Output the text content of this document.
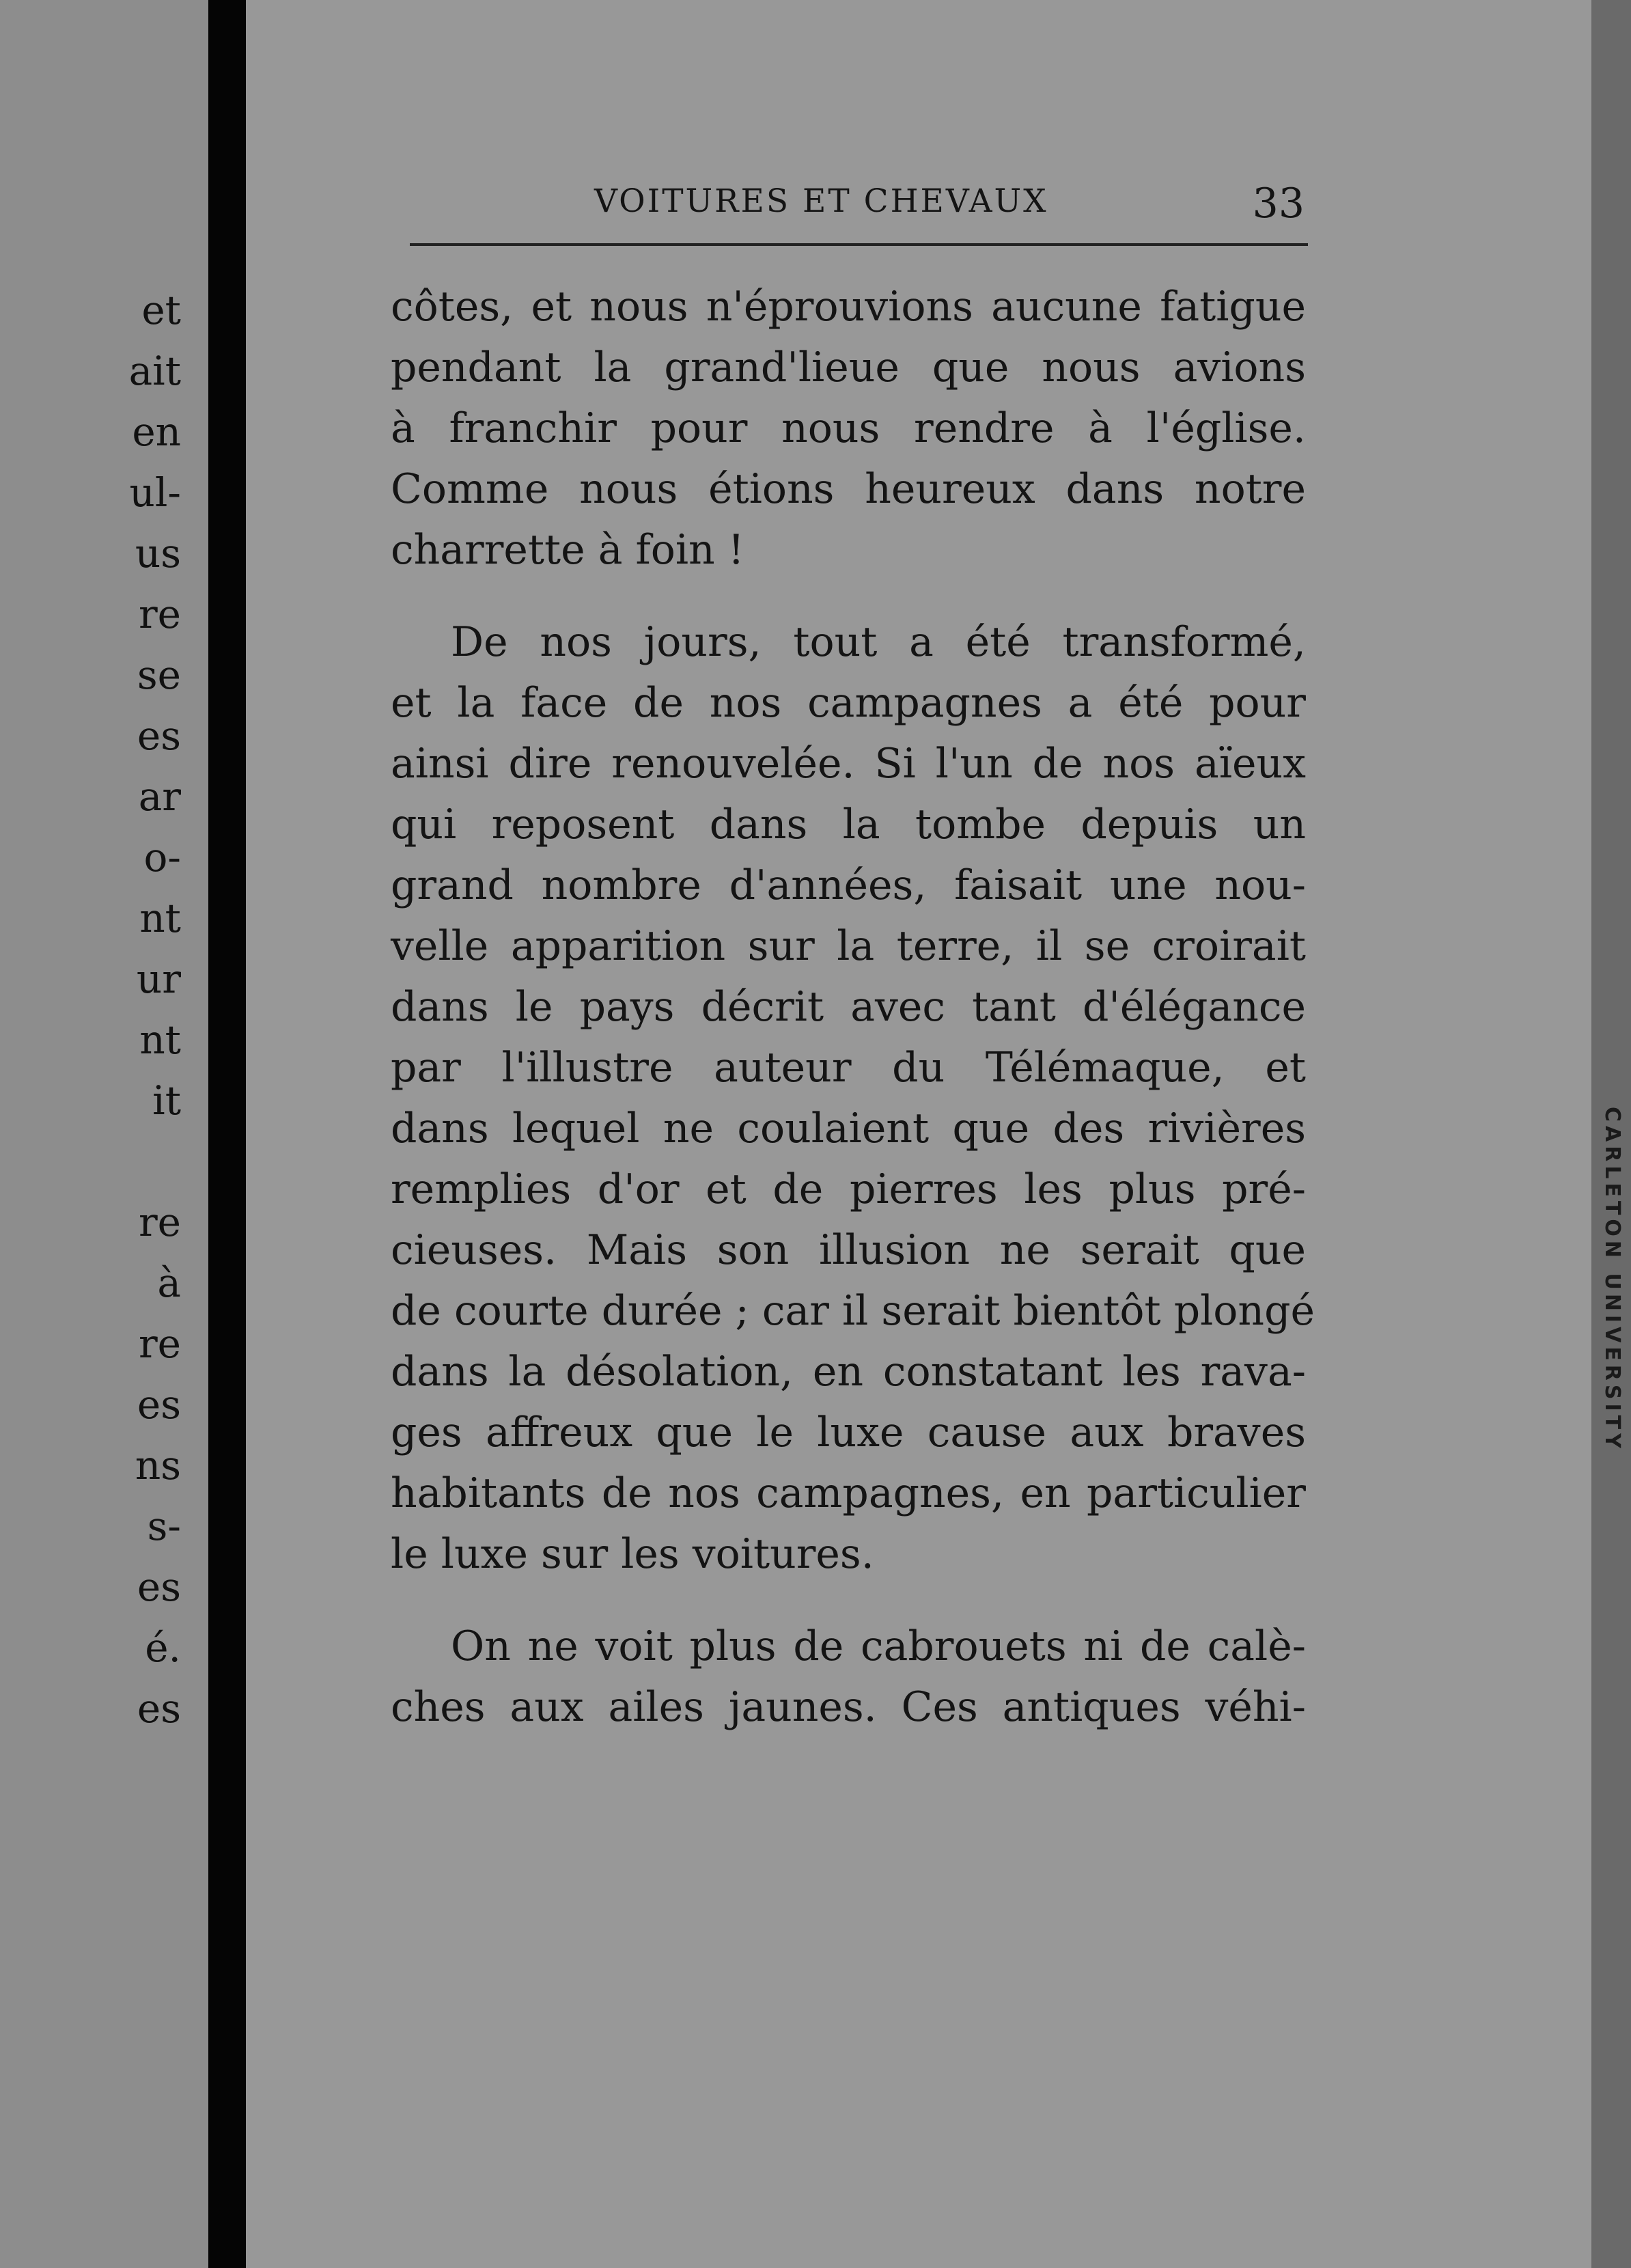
et
ait
en
ul-
us
re
se
es
ar
o-
nt
ur
nt
it
re
à
re
es
ns
s-
es
é.
es
CARLETON UNIVERSITY
VOITURES ET CHEVAUX	33
côtes, et nous n'éprouvions aucune fatigue
pendant la grand'lieue que nous avions
à franchir pour nous rendre à l'église.
Comme nous étions heureux dans notre
charrette à foin !
De nos jours, tout a été transformé,
et la face de nos campagnes a été pour
ainsi dire renouvelée. Si l'un de nos aïeux
qui reposent dans la tombe depuis un
grand nombre d'années, faisait une nou-
velle apparition sur la terre, il se croirait
dans le pays décrit avec tant d'élégance
par l'illustre auteur du Télémaque, et
dans lequel ne coulaient que des rivières
remplies d'or et de pierres les plus pré-
cieuses. Mais son illusion ne serait que
de courte durée ; car il serait bientôt plongé
dans la désolation, en constatant les rava-
ges affreux que le luxe cause aux braves
habitants de nos campagnes, en particulier
le luxe sur les voitures.
On ne voit plus de cabrouets ni de calè-
ches aux ailes jaunes. Ces antiques véhi-
